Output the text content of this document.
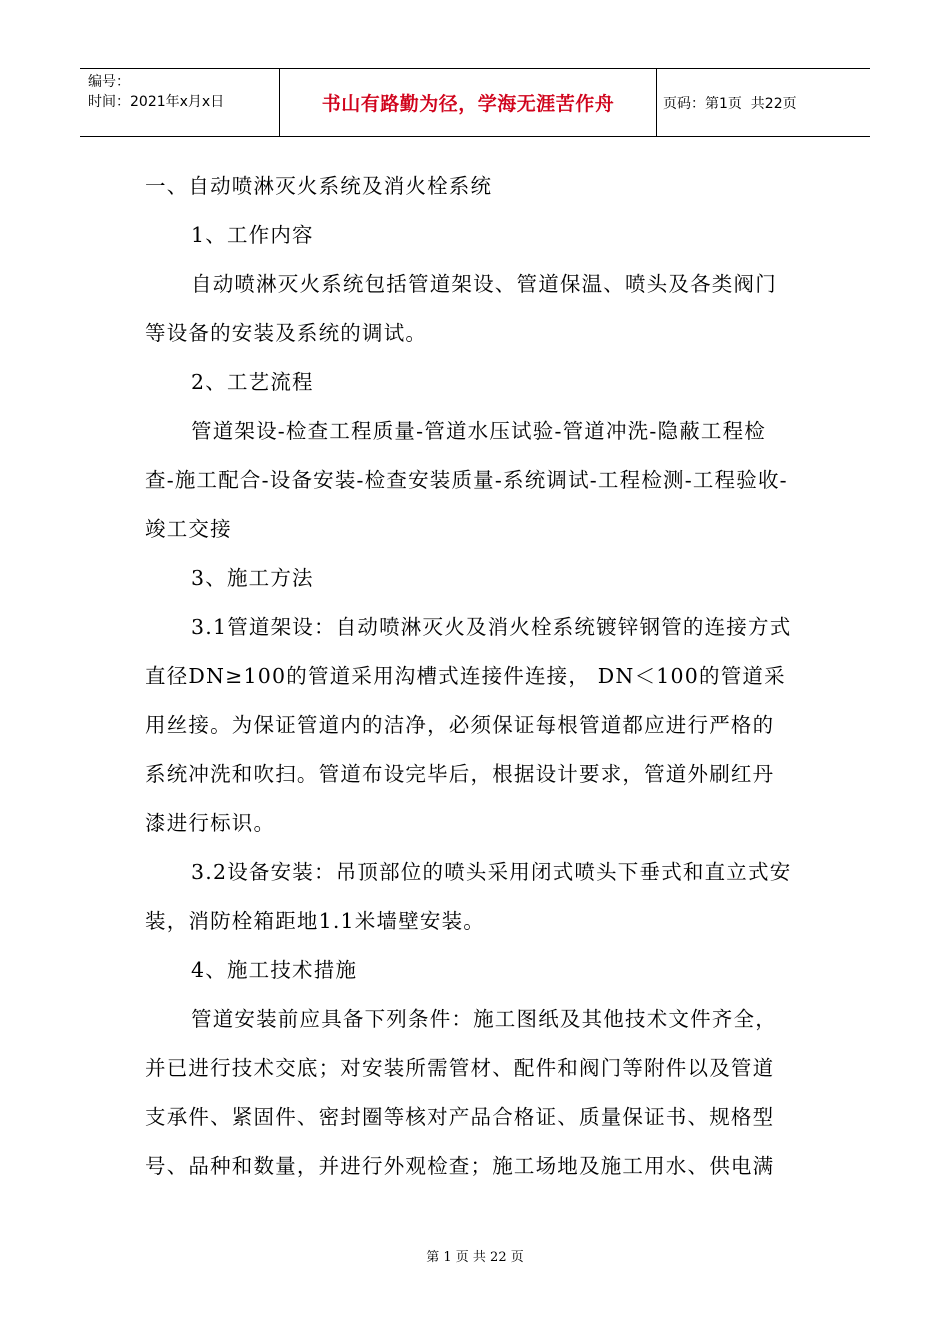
编号：
时间：2021年x月x日	书山有路勤为径，学海无涯苦作舟	页码：第1页  共22页

一、自动喷淋灭火系统及消火栓系统

1、工作内容

自动喷淋灭火系统包括管道架设、管道保温、喷头及各类阀门等设备的安装及系统的调试。

2、工艺流程

管道架设-检查工程质量-管道水压试验-管道冲洗-隐蔽工程检查-施工配合-设备安装-检查安装质量-系统调试-工程检测-工程验收-竣工交接

3、施工方法

3.1管道架设：自动喷淋灭火及消火栓系统镀锌钢管的连接方式直径DN≥100的管道采用沟槽式连接件连接， DN＜100的管道采用丝接。为保证管道内的洁净，必须保证每根管道都应进行严格的系统冲洗和吹扫。管道布设完毕后，根据设计要求，管道外刷红丹漆进行标识。

3.2设备安装：吊顶部位的喷头采用闭式喷头下垂式和直立式安装，消防栓箱距地1.1米墙壁安装。

4、施工技术措施

管道安装前应具备下列条件：施工图纸及其他技术文件齐全，并已进行技术交底；对安装所需管材、配件和阀门等附件以及管道支承件、紧固件、密封圈等核对产品合格证、质量保证书、规格型号、品种和数量，并进行外观检查；施工场地及施工用水、供电满

第 1 页 共 22 页
